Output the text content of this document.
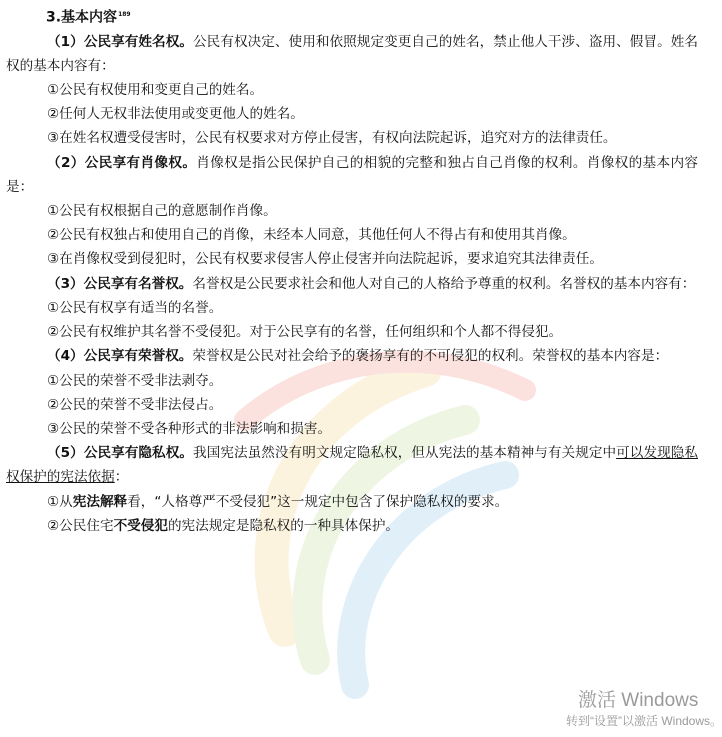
3.基本内容$^{189}$

（1）公民享有姓名权。公民有权决定、使用和依照规定变更自己的姓名，禁止他人干涉、盗用、假冒。姓名权的基本内容有：

①公民有权使用和变更自己的姓名。

②任何人无权非法使用或变更他人的姓名。

③在姓名权遭受侵害时，公民有权要求对方停止侵害，有权向法院起诉，追究对方的法律责任。

（2）公民享有肖像权。肖像权是指公民保护自己的相貌的完整和独占自己肖像的权利。肖像权的基本内容是：

①公民有权根据自己的意愿制作肖像。

②公民有权独占和使用自己的肖像，未经本人同意，其他任何人不得占有和使用其肖像。

③在肖像权受到侵犯时，公民有权要求侵害人停止侵害并向法院起诉，要求追究其法律责任。

（3）公民享有名誉权。名誉权是公民要求社会和他人对自己的人格给予尊重的权利。名誉权的基本内容有：

①公民有权享有适当的名誉。

②公民有权维护其名誉不受侵犯。对于公民享有的名誉，任何组织和个人都不得侵犯。

（4）公民享有荣誉权。荣誉权是公民对社会给予的褒扬享有的不可侵犯的权利。荣誉权的基本内容是：

①公民的荣誉不受非法剥夺。

②公民的荣誉不受非法侵占。

③公民的荣誉不受各种形式的非法影响和损害。

（5）公民享有隐私权。我国宪法虽然没有明文规定隐私权，但从宪法的基本精神与有关规定中可以发现隐私权保护的宪法依据：

①从宪法解释看，“人格尊严不受侵犯”这一规定中包含了保护隐私权的要求。

②公民住宅不受侵犯的宪法规定是隐私权的一种具体保护。

激活 Windows
转到“设置”以激活 Windows。
